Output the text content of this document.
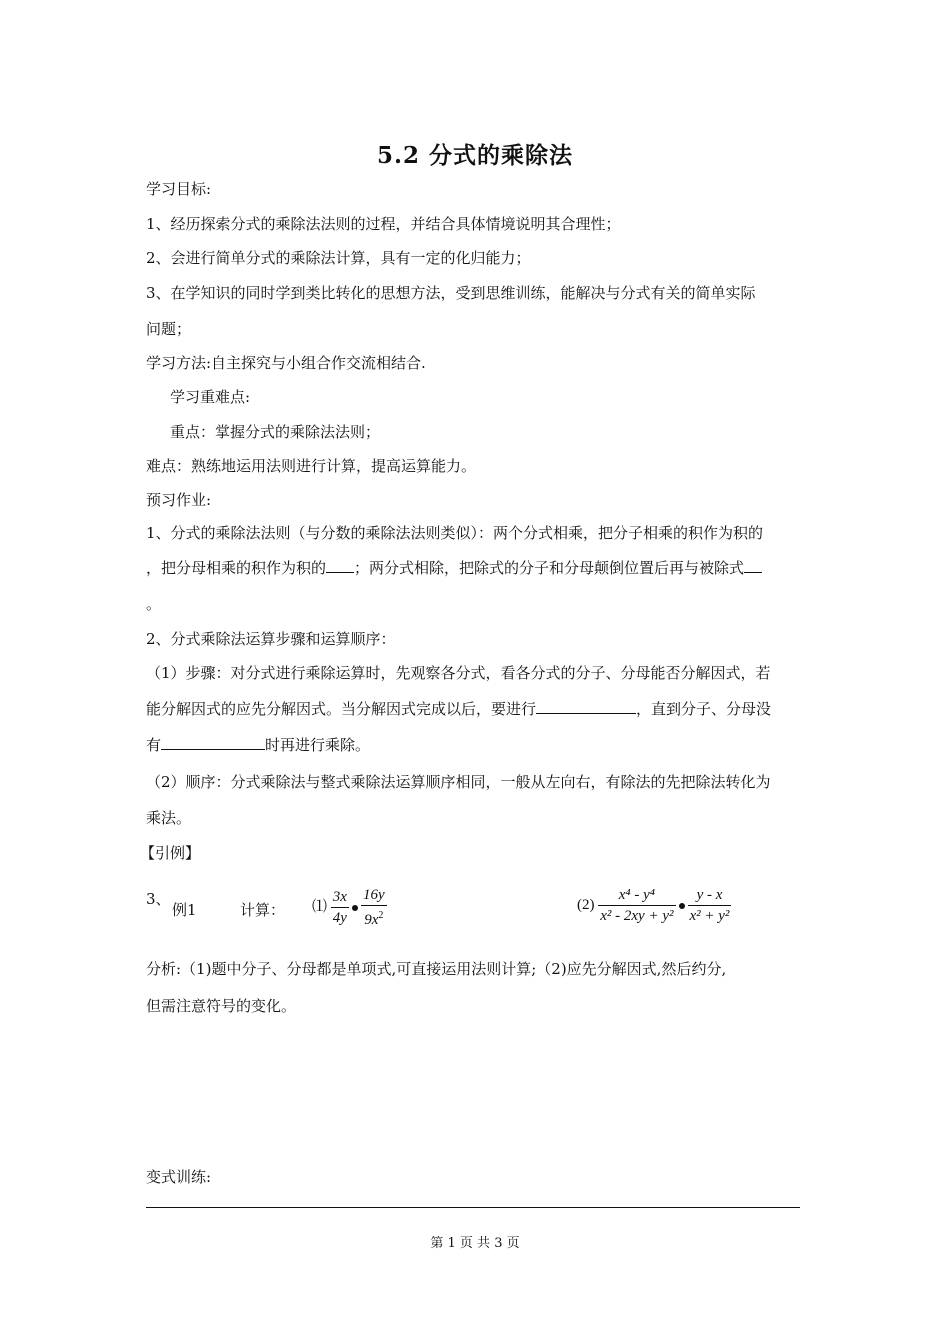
5.2 分式的乘除法
学习目标:
1、经历探索分式的乘除法法则的过程，并结合具体情境说明其合理性；
2、会进行简单分式的乘除法计算，具有一定的化归能力；
3、在学知识的同时学到类比转化的思想方法，受到思维训练，能解决与分式有关的简单实际
问题；
学习方法:自主探究与小组合作交流相结合.
学习重难点:
重点：掌握分式的乘除法法则；
难点：熟练地运用法则进行计算，提高运算能力。
预习作业:
1、分式的乘除法法则（与分数的乘除法法则类似）：两个分式相乘，把分子相乘的积作为积的
，把分母相乘的积作为积的 ；两分式相除，把除式的分子和分母颠倒位置后再与被除式
。
2、分式乘除法运算步骤和运算顺序：
（1）步骤：对分式进行乘除运算时，先观察各分式，看各分式的分子、分母能否分解因式，若
能分解因式的应先分解因式。当分解因式完成以后，要进行	，直到分子、分母没
有	时再进行乘除。
（2）顺序：分式乘除法与整式乘除法运算顺序相同，一般从左向右，有除法的先把除法转化为
乘法。
【引例】
3、
例1	计算： ⑴ $\frac{3x}{4y} \frac{16y}{9x^2}$	$(2) \frac{\text{x⁴ - y⁴}}{\text{x² - 2xy + y²}} \frac{y - x}{\text{x² + y²}}$
分析:（1)题中分子、分母都是单项式,可直接运用法则计算;（2)应先分解因式,然后约分,
但需注意符号的变化。
变式训练:
第 1 页 共 3 页
